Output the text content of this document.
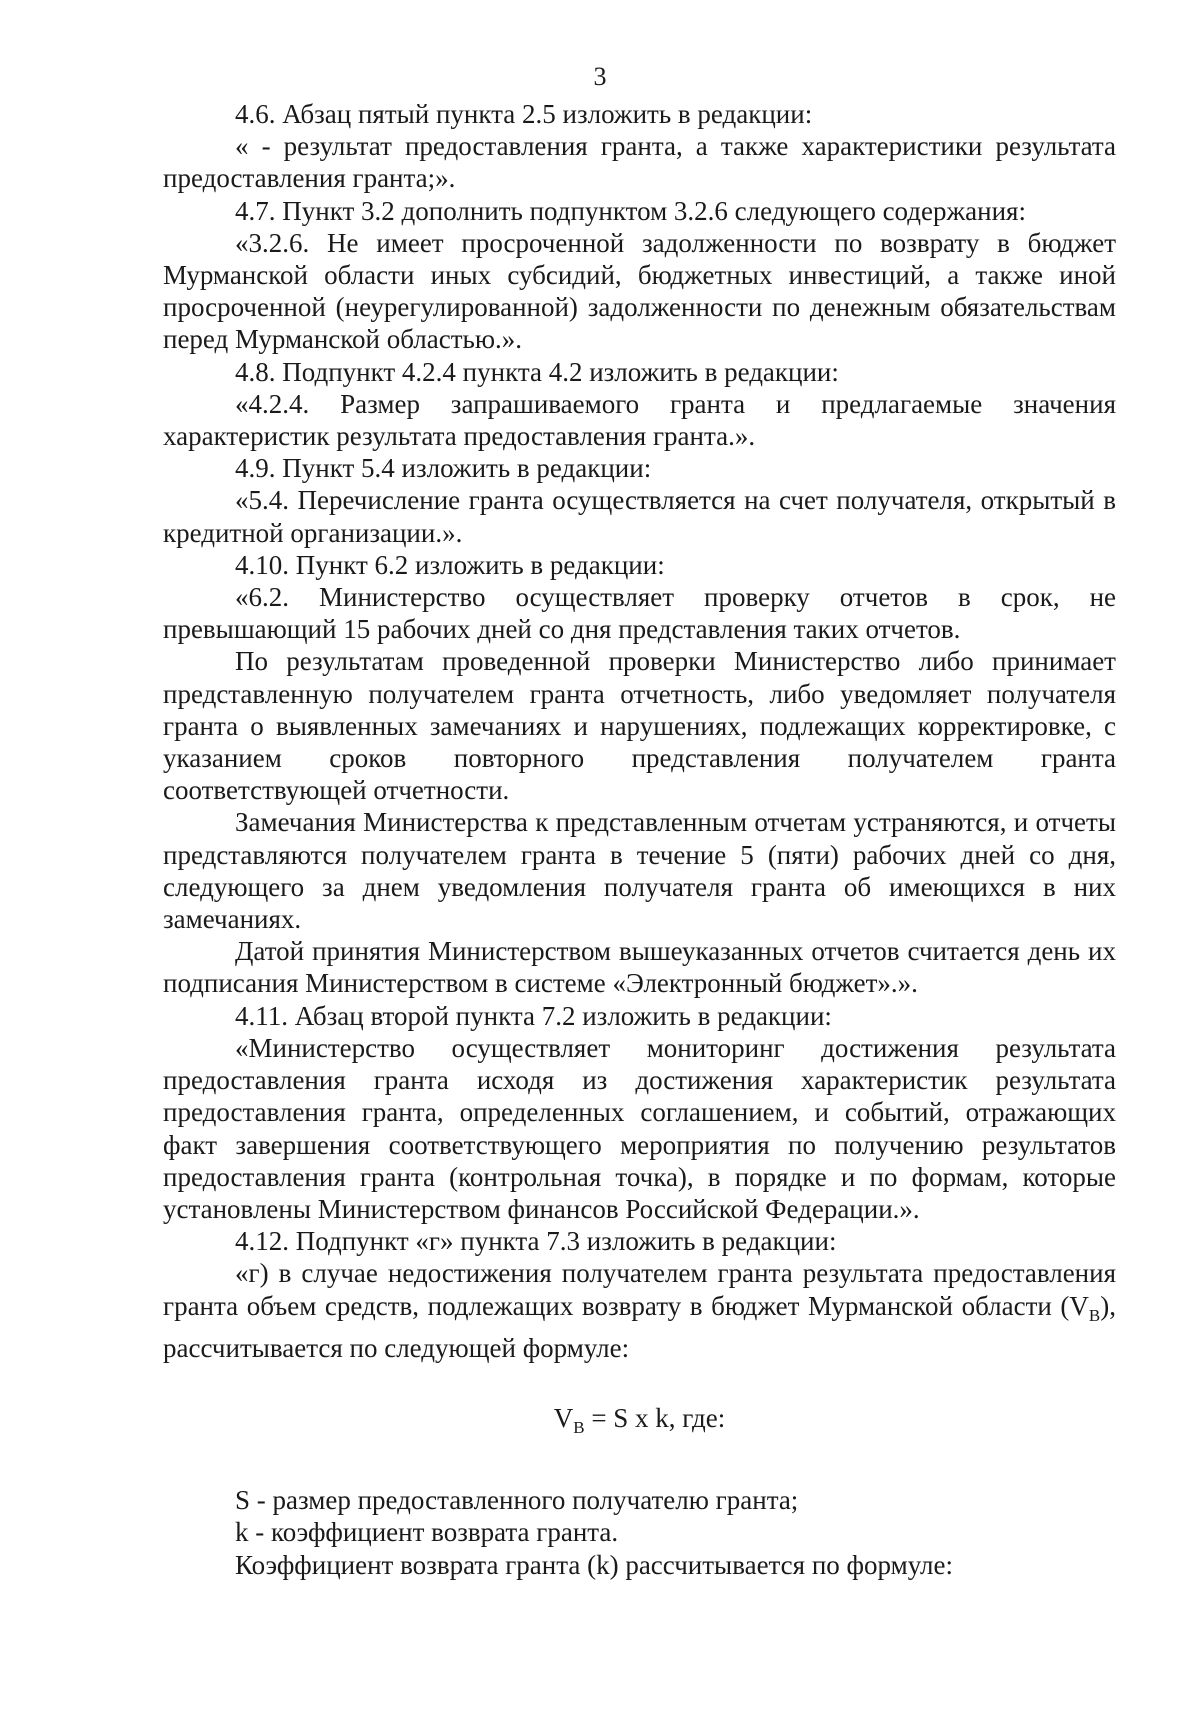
3

4.6. Абзац пятый пункта 2.5 изложить в редакции:

« - результат предоставления гранта, а также характеристики результата предоставления гранта;».

4.7. Пункт 3.2 дополнить подпунктом 3.2.6 следующего содержания:

«3.2.6. Не имеет просроченной задолженности по возврату в бюджет Мурманской области иных субсидий, бюджетных инвестиций, а также иной просроченной (неурегулированной) задолженности по денежным обязательствам перед Мурманской областью.».

4.8. Подпункт 4.2.4 пункта 4.2 изложить в редакции:

«4.2.4. Размер запрашиваемого гранта и предлагаемые значения характеристик результата предоставления гранта.».

4.9. Пункт 5.4 изложить в редакции:

«5.4. Перечисление гранта осуществляется на счет получателя, открытый в кредитной организации.».

4.10. Пункт 6.2 изложить в редакции:

«6.2. Министерство осуществляет проверку отчетов в срок, не превышающий 15 рабочих дней со дня представления таких отчетов.

По результатам проведенной проверки Министерство либо принимает представленную получателем гранта отчетность, либо уведомляет получателя гранта о выявленных замечаниях и нарушениях, подлежащих корректировке, с указанием сроков повторного представления получателем гранта соответствующей отчетности.

Замечания Министерства к представленным отчетам устраняются, и отчеты представляются получателем гранта в течение 5 (пяти) рабочих дней со дня, следующего за днем уведомления получателя гранта об имеющихся в них замечаниях.

Датой принятия Министерством вышеуказанных отчетов считается день их подписания Министерством в системе «Электронный бюджет».».

4.11. Абзац второй пункта 7.2 изложить в редакции:

«Министерство осуществляет мониторинг достижения результата предоставления гранта исходя из достижения характеристик результата предоставления гранта, определенных соглашением, и событий, отражающих факт завершения соответствующего мероприятия по получению результатов предоставления гранта (контрольная точка), в порядке и по формам, которые установлены Министерством финансов Российской Федерации.».

4.12. Подпункт «г» пункта 7.3 изложить в редакции:

«г) в случае недостижения получателем гранта результата предоставления гранта объем средств, подлежащих возврату в бюджет Мурманской области $(V_B)$, рассчитывается по следующей формуле:

$V_B = S$ x k, где:

S - размер предоставленного получателю гранта;

k - коэффициент возврата гранта.

Коэффициент возврата гранта (k) рассчитывается по формуле:
